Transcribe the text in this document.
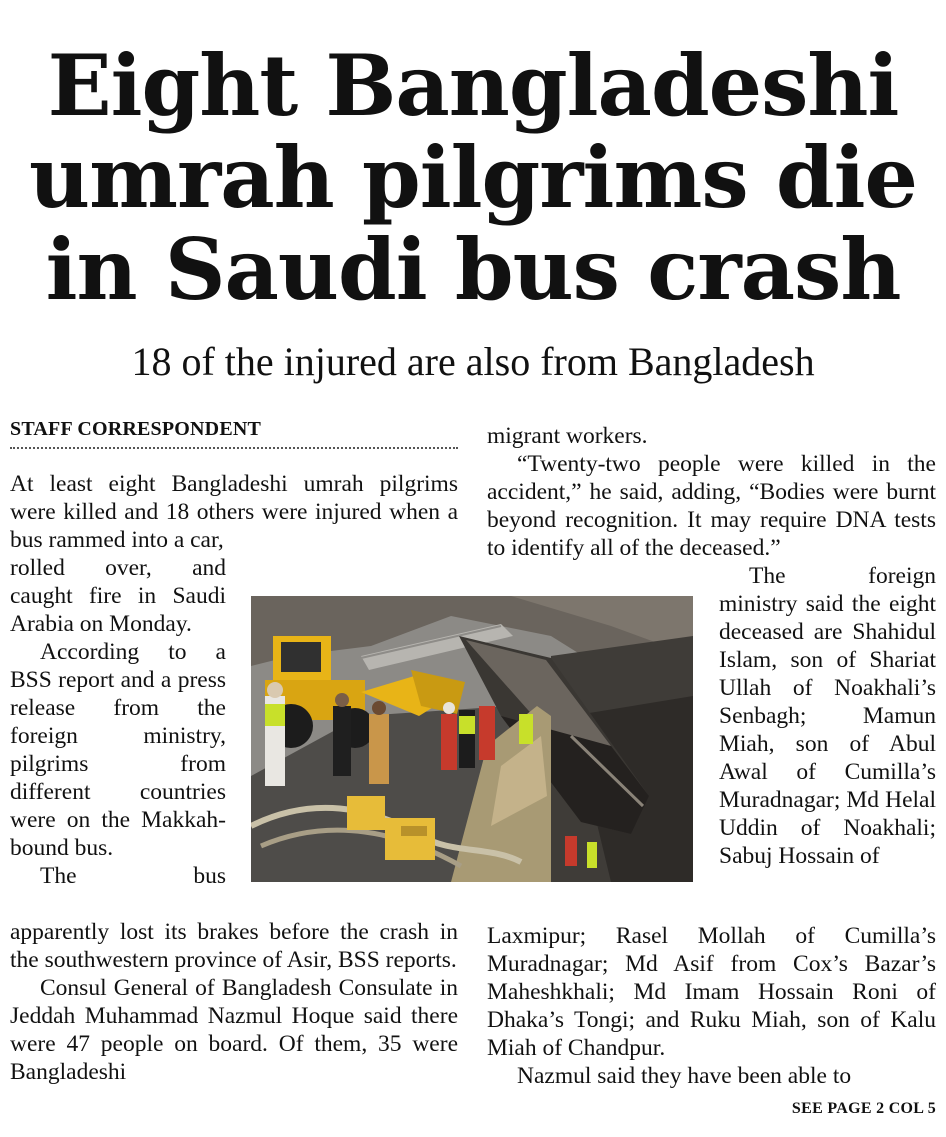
Eight Bangladeshi
umrah pilgrims die
in Saudi bus crash
18 of the injured are also from Bangladesh
STAFF CORRESPONDENT

At least eight Bangladeshi umrah pilgrims were killed and 18 others were injured when a bus rammed into a car,

rolled over, and

caught fire in Saudi Arabia on Monday.

According to a BSS report and a press release from the foreign ministry, pilgrims from different countries were on the Makkah-bound bus.

The bus

apparently lost its brakes before the crash in the southwestern province of Asir, BSS reports.

Consul General of Bangladesh Consulate in Jeddah Muhammad Nazmul Hoque said there were 47 people on board. Of them, 35 were Bangladeshi

migrant workers.

“Twenty-two people were killed in the accident,” he said, adding, “Bodies were burnt beyond recognition. It may require DNA tests to identify all of the deceased.”

The foreign

ministry said the eight deceased are Shahidul Islam, son of Shariat Ullah of Noakhali’s Senbagh; Mamun Miah, son of Abul Awal of Cumilla’s Muradnagar; Md Helal Uddin of Noakhali; Sabuj Hossain of

Laxmipur; Rasel Mollah of Cumilla’s Muradnagar; Md Asif from Cox’s Bazar’s Maheshkhali; Md Imam Hossain Roni of Dhaka’s Tongi; and Ruku Miah, son of Kalu Miah of Chandpur.

Nazmul said they have been able to

SEE PAGE 2 COL 5
